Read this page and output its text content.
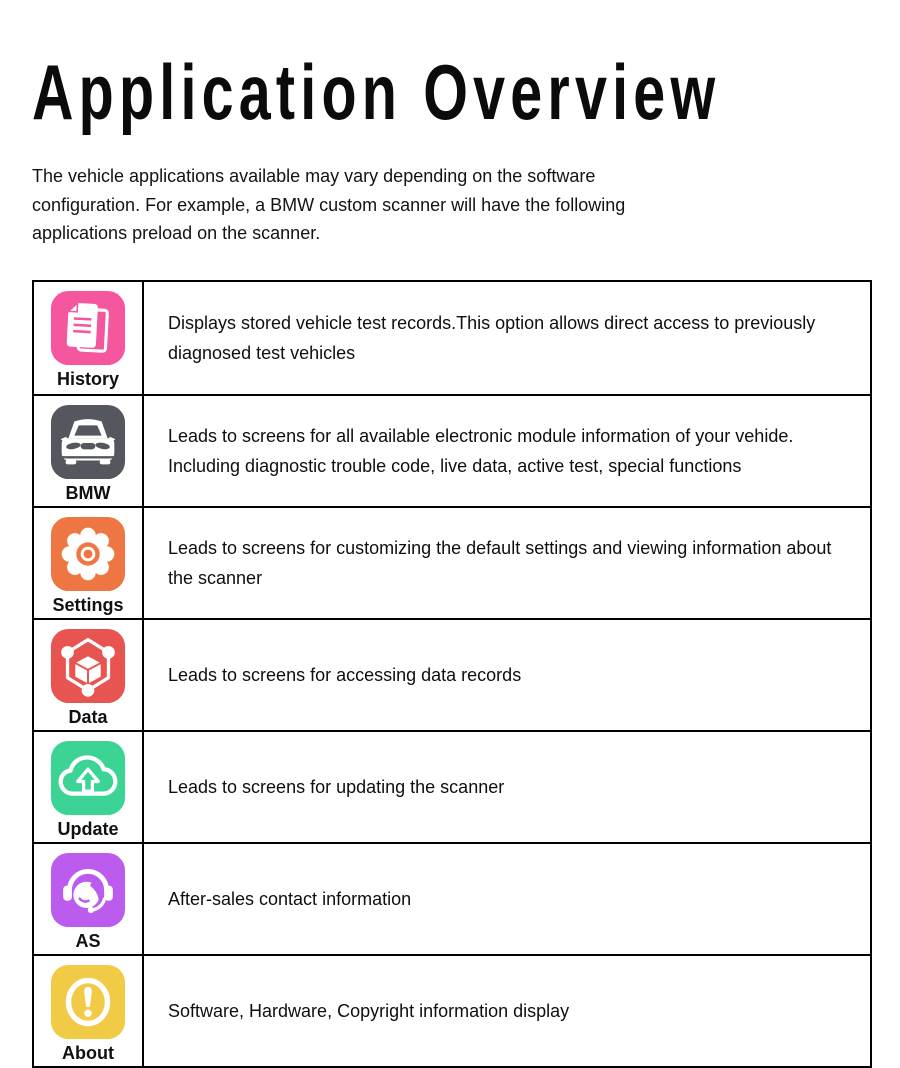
Application Overview

The vehicle applications available may vary depending on the software configuration. For example, a BMW custom scanner will have the following applications preload on the scanner.

History
Displays stored vehicle test records.This option allows direct access to previously diagnosed test vehicles
BMW
Leads to screens for all available electronic module information of your vehide. Including diagnostic trouble code, live data, active test, special functions
Settings
Leads to screens for customizing the default settings and viewing information about the scanner
Data
Leads to screens for accessing data records
Update
Leads to screens for updating the scanner
AS
After-sales contact information
About
Software, Hardware, Copyright information display
